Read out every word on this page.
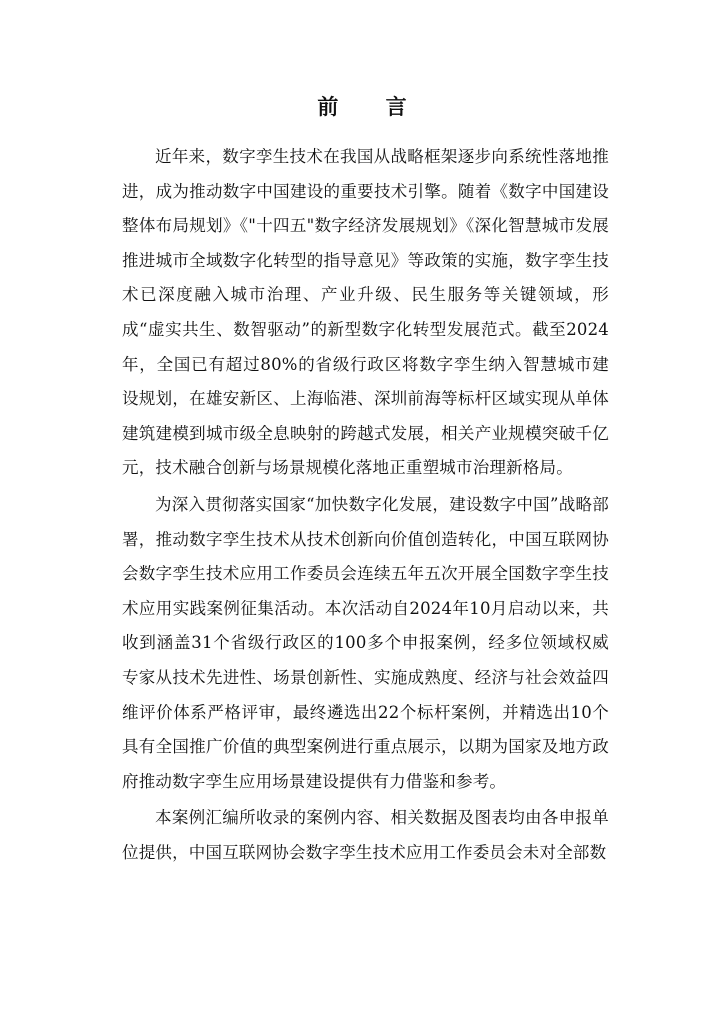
前 言

近年来，数字孪生技术在我国从战略框架逐步向系统性落地推进，成为推动数字中国建设的重要技术引擎。随着《数字中国建设整体布局规划》《"十四五"数字经济发展规划》《深化智慧城市发展推进城市全域数字化转型的指导意见》等政策的实施，数字孪生技术已深度融入城市治理、产业升级、民生服务等关键领域，形成“虚实共生、数智驱动”的新型数字化转型发展范式。截至2024年，全国已有超过80%的省级行政区将数字孪生纳入智慧城市建设规划，在雄安新区、上海临港、深圳前海等标杆区域实现从单体建筑建模到城市级全息映射的跨越式发展，相关产业规模突破千亿元，技术融合创新与场景规模化落地正重塑城市治理新格局。

为深入贯彻落实国家“加快数字化发展，建设数字中国”战略部署，推动数字孪生技术从技术创新向价值创造转化，中国互联网协会数字孪生技术应用工作委员会连续五年五次开展全国数字孪生技术应用实践案例征集活动。本次活动自2024年10月启动以来，共收到涵盖31个省级行政区的100多个申报案例，经多位领域权威专家从技术先进性、场景创新性、实施成熟度、经济与社会效益四维评价体系严格评审，最终遴选出22个标杆案例，并精选出10个具有全国推广价值的典型案例进行重点展示，以期为国家及地方政府推动数字孪生应用场景建设提供有力借鉴和参考。

本案例汇编所收录的案例内容、相关数据及图表均由各申报单位提供，中国互联网协会数字孪生技术应用工作委员会未对全部数
